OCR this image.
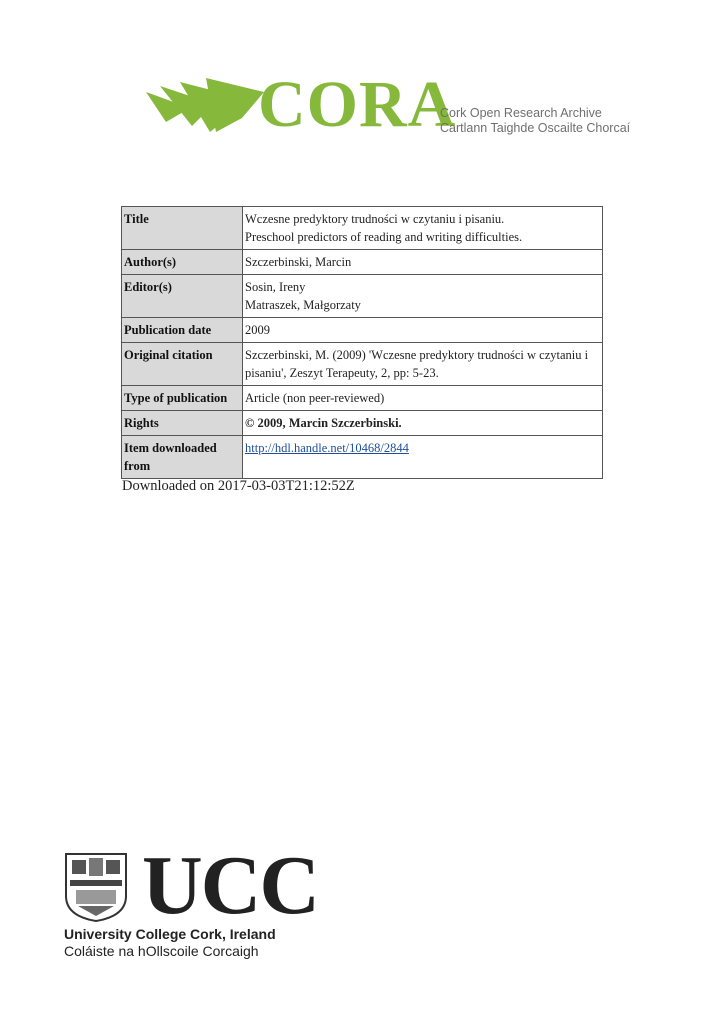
CORA
Cork Open Research Archive
Cartlann Taighde Oscailte Chorcaí
Title	Wczesne predyktory trudności w czytaniu i pisaniu.
Preschool predictors of reading and writing difficulties.

Author(s)	Szczerbinski, Marcin
Editor(s)	Sosin, Ireny
Matraszek, Małgorzaty

Publication date	2009
Original citation	Szczerbinski, M. (2009) 'Wczesne predyktory trudności w czytaniu i pisaniu', Zeszyt Terapeuty, 2, pp: 5-23.
Type of publication	Article (non peer-reviewed)
Rights	© 2009, Marcin Szczerbinski.
Item downloaded from	http://hdl.handle.net/10468/2844
Downloaded on 2017-03-03T21:12:52Z
UCC
University College Cork, Ireland
Coláiste na hOllscoile Corcaigh
